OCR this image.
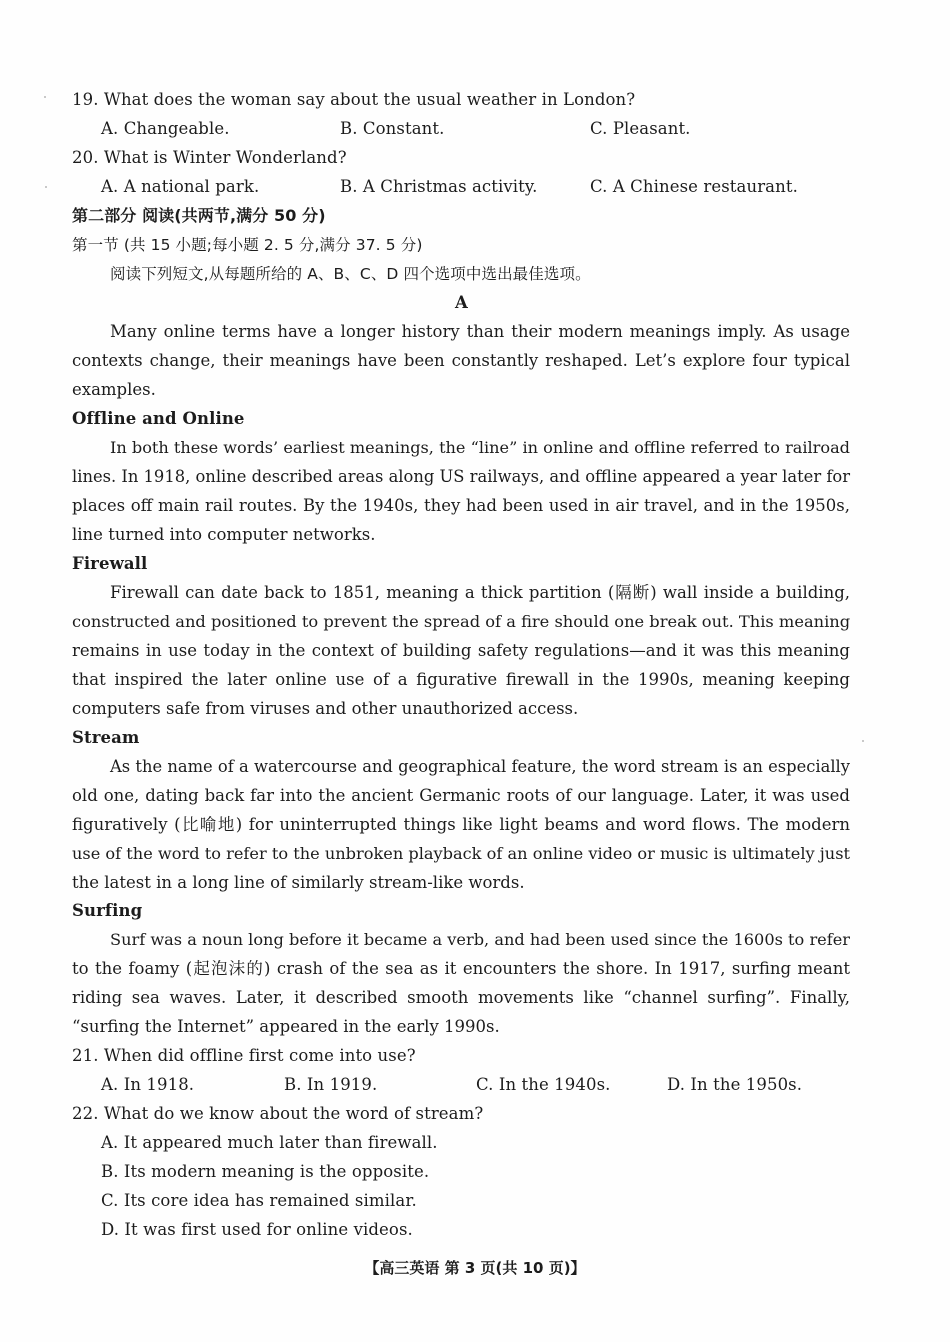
19. What does the woman say about the usual weather in London?
A. Changeable.	B. Constant.	C. Pleasant.
20. What is Winter Wonderland?
A. A national park.	B. A Christmas activity.	C. A Chinese restaurant.
第二部分 阅读(共两节,满分 50 分)
第一节 (共 15 小题;每小题 2. 5 分,满分 37. 5 分)
阅读下列短文,从每题所给的 A、B、C、D 四个选项中选出最佳选项。
A
Many online terms have a longer history than their modern meanings imply. As usage
contexts change, their meanings have been constantly reshaped. Let’s explore four typical
examples.
Offline and Online
In both these words’ earliest meanings, the “line” in online and offline referred to railroad
lines. In 1918, online described areas along US railways, and offline appeared a year later for
places off main rail routes. By the 1940s, they had been used in air travel, and in the 1950s,
line turned into computer networks.
Firewall
Firewall can date back to 1851, meaning a thick partition (隔断) wall inside a building,
constructed and positioned to prevent the spread of a fire should one break out. This meaning
remains in use today in the context of building safety regulations—and it was this meaning
that inspired the later online use of a figurative firewall in the 1990s, meaning keeping
computers safe from viruses and other unauthorized access.
Stream
As the name of a watercourse and geographical feature, the word stream is an especially
old one, dating back far into the ancient Germanic roots of our language. Later, it was used
figuratively (比喻地) for uninterrupted things like light beams and word flows. The modern
use of the word to refer to the unbroken playback of an online video or music is ultimately just
the latest in a long line of similarly stream-like words.
Surfing
Surf was a noun long before it became a verb, and had been used since the 1600s to refer
to the foamy (起泡沫的) crash of the sea as it encounters the shore. In 1917, surfing meant
riding sea waves. Later, it described smooth movements like “channel surfing”. Finally,
“surfing the Internet” appeared in the early 1990s.
21. When did offline first come into use?
A. In 1918.	B. In 1919.	C. In the 1940s.	D. In the 1950s.
22. What do we know about the word of stream?
A. It appeared much later than firewall.
B. Its modern meaning is the opposite.
C. Its core idea has remained similar.
D. It was first used for online videos.
【高三英语 第 3 页(共 10 页)】
